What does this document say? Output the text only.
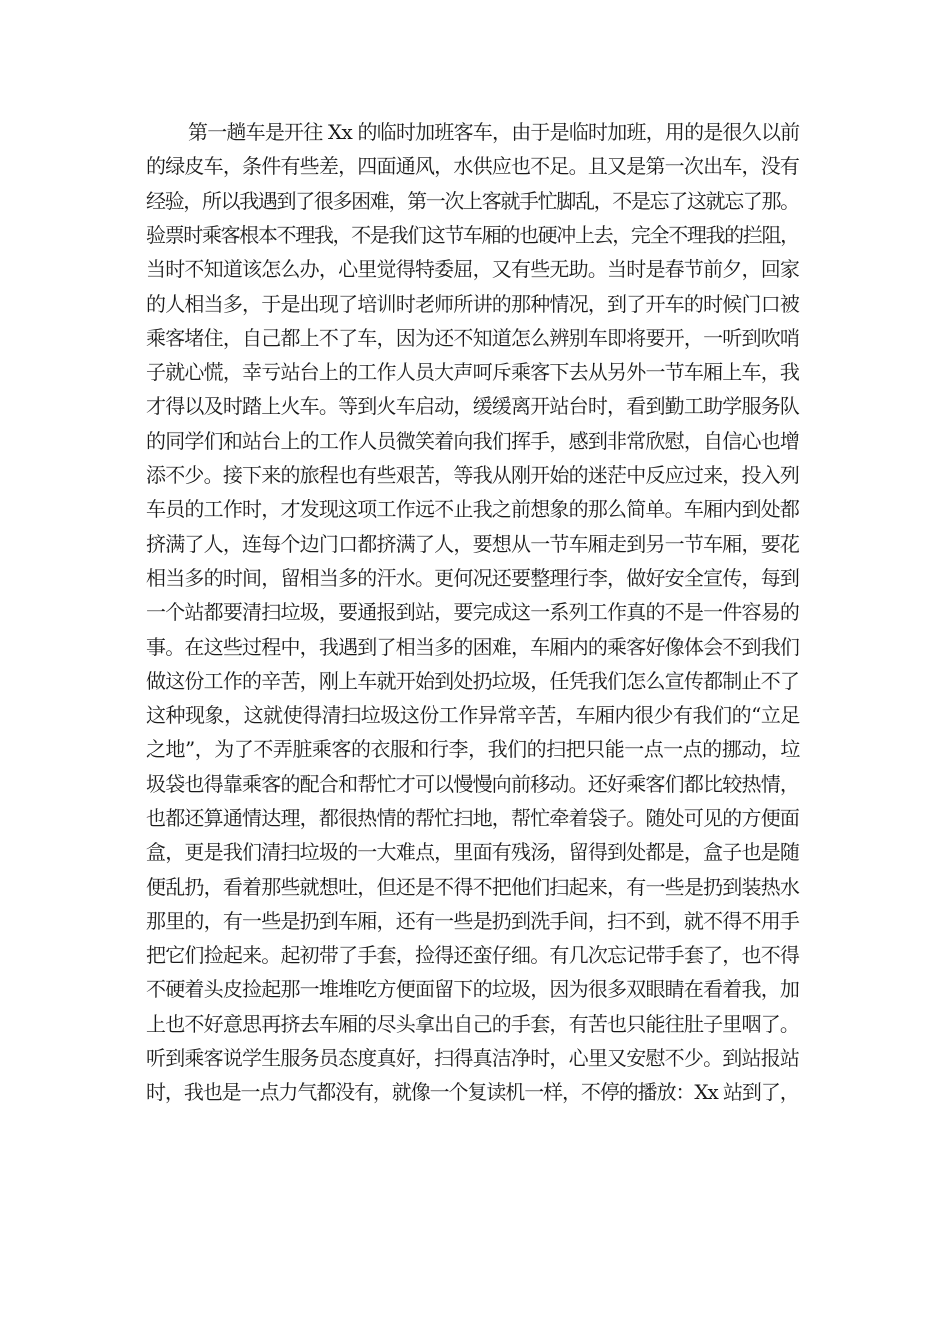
第一趟车是开往 Xx 的临时加班客车，由于是临时加班，用的是很久以前
的绿皮车，条件有些差，四面通风，水供应也不足。且又是第一次出车，没有
经验，所以我遇到了很多困难，第一次上客就手忙脚乱，不是忘了这就忘了那。
验票时乘客根本不理我，不是我们这节车厢的也硬冲上去，完全不理我的拦阻，
当时不知道该怎么办，心里觉得特委屈，又有些无助。当时是春节前夕，回家
的人相当多，于是出现了培训时老师所讲的那种情况，到了开车的时候门口被
乘客堵住，自己都上不了车，因为还不知道怎么辨别车即将要开，一听到吹哨
子就心慌，幸亏站台上的工作人员大声呵斥乘客下去从另外一节车厢上车，我
才得以及时踏上火车。等到火车启动，缓缓离开站台时，看到勤工助学服务队
的同学们和站台上的工作人员微笑着向我们挥手，感到非常欣慰，自信心也增
添不少。接下来的旅程也有些艰苦，等我从刚开始的迷茫中反应过来，投入列
车员的工作时，才发现这项工作远不止我之前想象的那么简单。车厢内到处都
挤满了人，连每个边门口都挤满了人，要想从一节车厢走到另一节车厢，要花
相当多的时间，留相当多的汗水。更何况还要整理行李，做好安全宣传，每到
一个站都要清扫垃圾，要通报到站，要完成这一系列工作真的不是一件容易的
事。在这些过程中，我遇到了相当多的困难，车厢内的乘客好像体会不到我们
做这份工作的辛苦，刚上车就开始到处扔垃圾，任凭我们怎么宣传都制止不了
这种现象，这就使得清扫垃圾这份工作异常辛苦，车厢内很少有我们的“立足
之地”，为了不弄脏乘客的衣服和行李，我们的扫把只能一点一点的挪动，垃
圾袋也得靠乘客的配合和帮忙才可以慢慢向前移动。还好乘客们都比较热情，
也都还算通情达理，都很热情的帮忙扫地，帮忙牵着袋子。随处可见的方便面
盒，更是我们清扫垃圾的一大难点，里面有残汤，留得到处都是，盒子也是随
便乱扔，看着那些就想吐，但还是不得不把他们扫起来，有一些是扔到装热水
那里的，有一些是扔到车厢，还有一些是扔到洗手间，扫不到，就不得不用手
把它们捡起来。起初带了手套，捡得还蛮仔细。有几次忘记带手套了，也不得
不硬着头皮捡起那一堆堆吃方便面留下的垃圾，因为很多双眼睛在看着我，加
上也不好意思再挤去车厢的尽头拿出自己的手套，有苦也只能往肚子里咽了。
听到乘客说学生服务员态度真好，扫得真洁净时，心里又安慰不少。到站报站
时，我也是一点力气都没有，就像一个复读机一样，不停的播放：Xx 站到了，
